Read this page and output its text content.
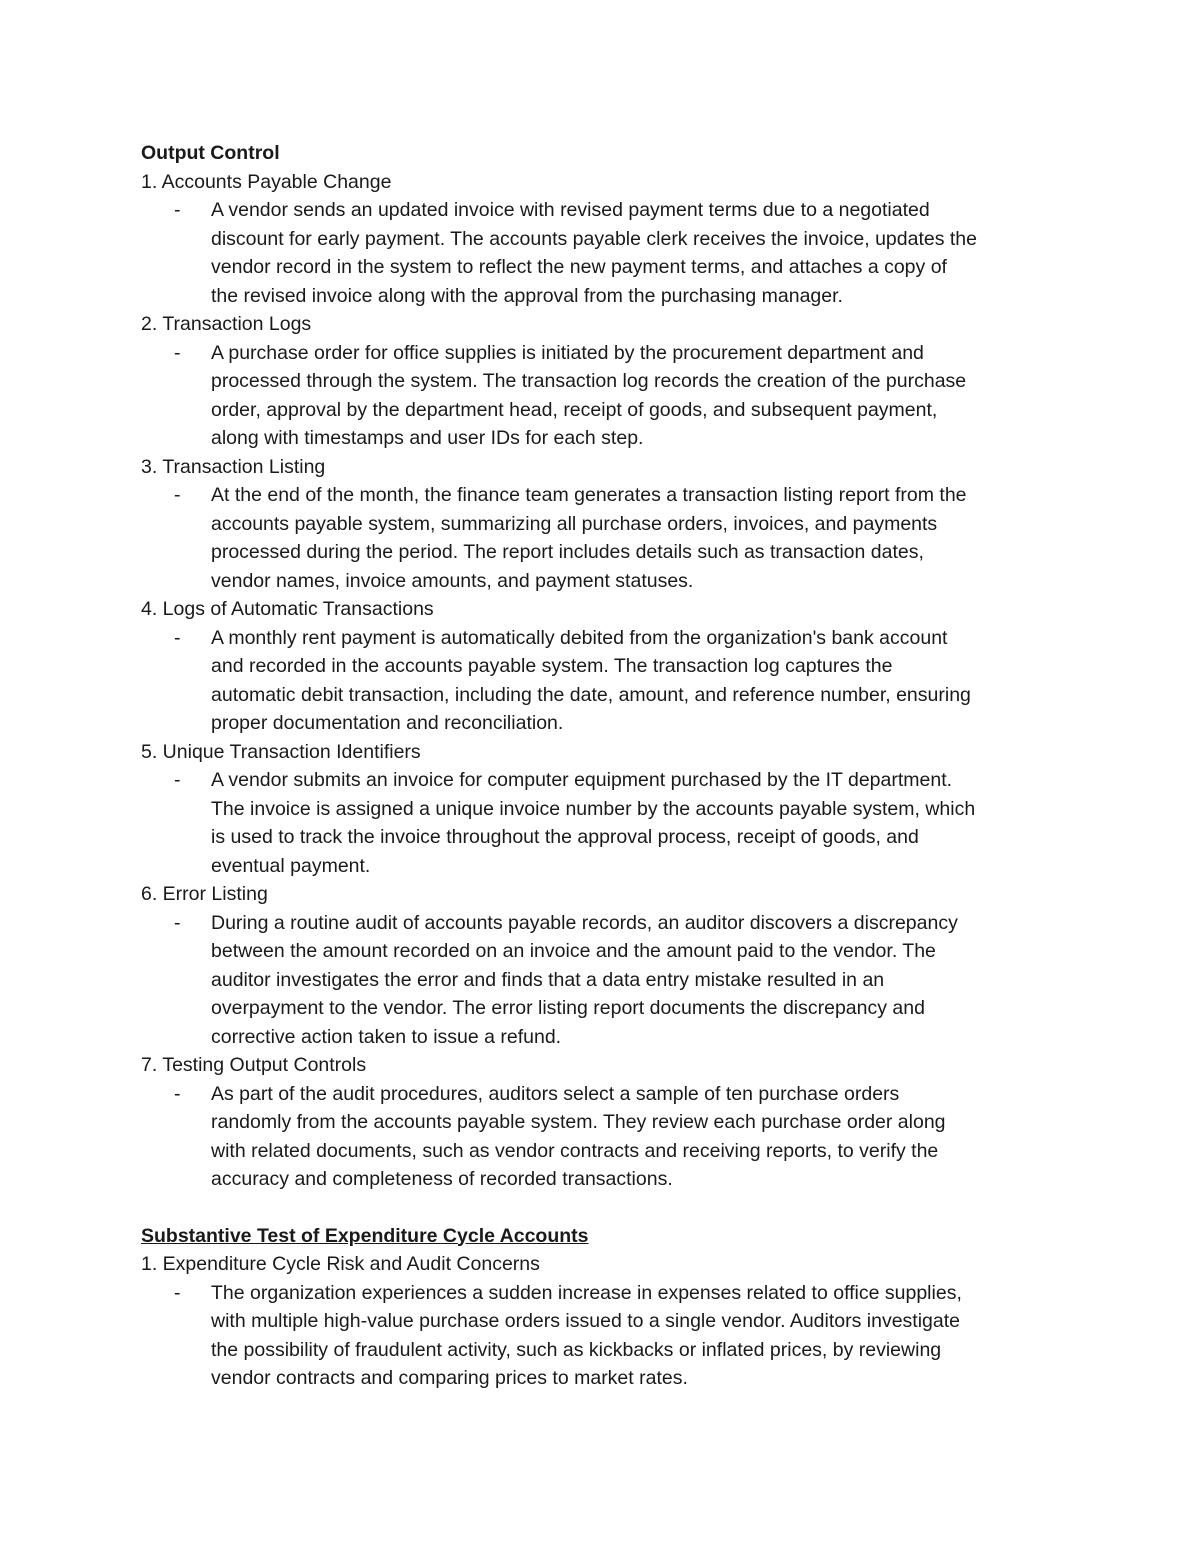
Output Control

1. Accounts Payable Change

- A vendor sends an updated invoice with revised payment terms due to a negotiated
discount for early payment. The accounts payable clerk receives the invoice, updates the
vendor record in the system to reflect the new payment terms, and attaches a copy of
the revised invoice along with the approval from the purchasing manager.

2. Transaction Logs

- A purchase order for office supplies is initiated by the procurement department and
processed through the system. The transaction log records the creation of the purchase
order, approval by the department head, receipt of goods, and subsequent payment,
along with timestamps and user IDs for each step.

3. Transaction Listing

- At the end of the month, the finance team generates a transaction listing report from the
accounts payable system, summarizing all purchase orders, invoices, and payments
processed during the period. The report includes details such as transaction dates,
vendor names, invoice amounts, and payment statuses.

4. Logs of Automatic Transactions

- A monthly rent payment is automatically debited from the organization's bank account
and recorded in the accounts payable system. The transaction log captures the
automatic debit transaction, including the date, amount, and reference number, ensuring
proper documentation and reconciliation.

5. Unique Transaction Identifiers

- A vendor submits an invoice for computer equipment purchased by the IT department.
The invoice is assigned a unique invoice number by the accounts payable system, which
is used to track the invoice throughout the approval process, receipt of goods, and
eventual payment.

6. Error Listing

- During a routine audit of accounts payable records, an auditor discovers a discrepancy
between the amount recorded on an invoice and the amount paid to the vendor. The
auditor investigates the error and finds that a data entry mistake resulted in an
overpayment to the vendor. The error listing report documents the discrepancy and
corrective action taken to issue a refund.

7. Testing Output Controls

- As part of the audit procedures, auditors select a sample of ten purchase orders
randomly from the accounts payable system. They review each purchase order along
with related documents, such as vendor contracts and receiving reports, to verify the
accuracy and completeness of recorded transactions.

Substantive Test of Expenditure Cycle Accounts

1. Expenditure Cycle Risk and Audit Concerns

- The organization experiences a sudden increase in expenses related to office supplies,
with multiple high-value purchase orders issued to a single vendor. Auditors investigate
the possibility of fraudulent activity, such as kickbacks or inflated prices, by reviewing
vendor contracts and comparing prices to market rates.
